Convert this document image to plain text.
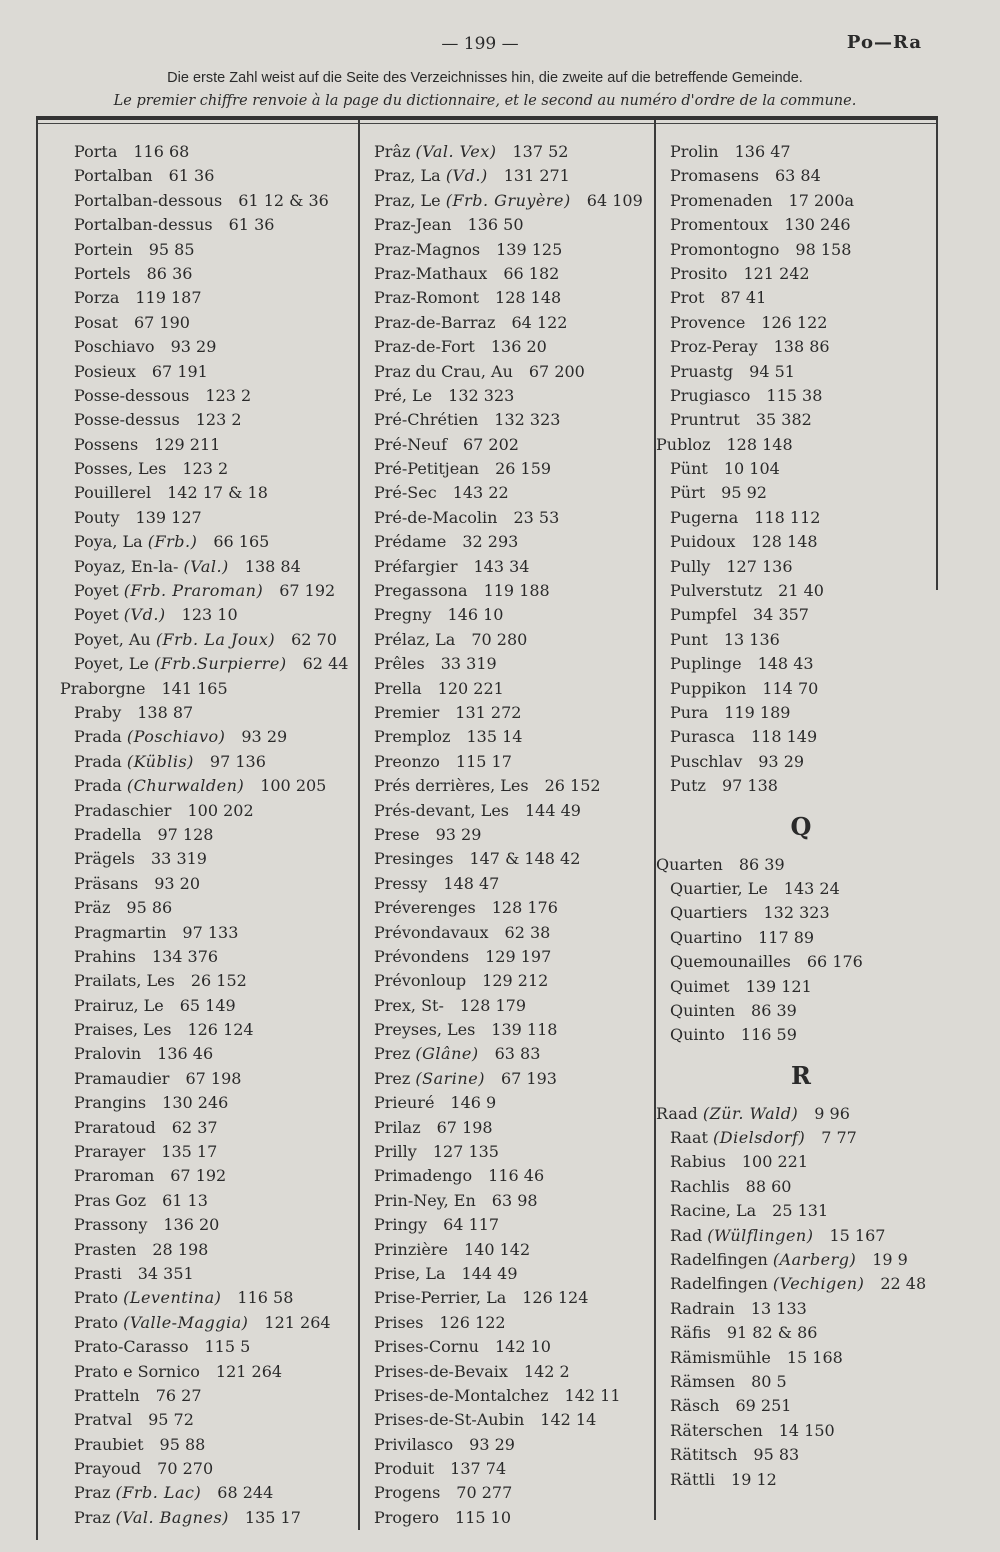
— 199 —	Po—Ra
Die erste Zahl weist auf die Seite des Verzeichnisses hin, die zweite auf die betreffende Gemeinde.
Le premier chiffre renvoie à la page du dictionnaire, et le second au numéro d'ordre de la commune.
Porta  116 68
Portalban  61 36
Portalban-dessous  61 12 & 36
Portalban-dessus  61 36
Portein  95 85
Portels  86 36
Porza  119 187
Posat  67 190
Poschiavo  93 29
Posieux  67 191
Posse-dessous  123 2
Posse-dessus  123 2
Possens  129 211
Posses, Les  123 2
Pouillerel  142 17 & 18
Pouty  139 127
Poya, La (Frb.)  66 165
Poyaz, En-la- (Val.)  138 84
Poyet (Frb. Praroman)  67 192
Poyet (Vd.)  123 10
Poyet, Au (Frb. La Joux)  62 70
Poyet, Le (Frb.Surpierre)  62 44
Praborgne  141 165
Praby  138 87
Prada (Poschiavo)  93 29
Prada (Küblis)  97 136
Prada (Churwalden)  100 205
Pradaschier  100 202
Pradella  97 128
Prägels  33 319
Präsans  93 20
Präz  95 86
Pragmartin  97 133
Prahins  134 376
Prailats, Les  26 152
Prairuz, Le  65 149
Praises, Les  126 124
Pralovin  136 46
Pramaudier  67 198
Prangins  130 246
Praratoud  62 37
Prarayer  135 17
Praroman  67 192
Pras Goz  61 13
Prassony  136 20
Prasten  28 198
Prasti  34 351
Prato (Leventina)  116 58
Prato (Valle-Maggia)  121 264
Prato-Carasso  115 5
Prato e Sornico  121 264
Pratteln  76 27
Pratval  95 72
Praubiet  95 88
Prayoud  70 270
Praz (Frb. Lac)  68 244
Praz (Val. Bagnes)  135 17
Prâz (Val. Vex)  137 52
Praz, La (Vd.)  131 271
Praz, Le (Frb. Gruyère)  64 109
Praz-Jean  136 50
Praz-Magnos  139 125
Praz-Mathaux  66 182
Praz-Romont  128 148
Praz-de-Barraz  64 122
Praz-de-Fort  136 20
Praz du Crau, Au  67 200
Pré, Le  132 323
Pré-Chrétien  132 323
Pré-Neuf  67 202
Pré-Petitjean  26 159
Pré-Sec  143 22
Pré-de-Macolin  23 53
Prédame  32 293
Préfargier  143 34
Pregassona  119 188
Pregny  146 10
Prélaz, La  70 280
Prêles  33 319
Prella  120 221
Premier  131 272
Premploz  135 14
Preonzo  115 17
Prés derrières, Les  26 152
Prés-devant, Les  144 49
Prese  93 29
Presinges  147 & 148 42
Pressy  148 47
Préverenges  128 176
Prévondavaux  62 38
Prévondens  129 197
Prévonloup  129 212
Prex, St-  128 179
Preyses, Les  139 118
Prez (Glâne)  63 83
Prez (Sarine)  67 193
Prieuré  146 9
Prilaz  67 198
Prilly  127 135
Primadengo  116 46
Prin-Ney, En  63 98
Pringy  64 117
Prinzière  140 142
Prise, La  144 49
Prise-Perrier, La  126 124
Prises  126 122
Prises-Cornu  142 10
Prises-de-Bevaix  142 2
Prises-de-Montalchez  142 11
Prises-de-St-Aubin  142 14
Privilasco  93 29
Produit  137 74
Progens  70 277
Progero  115 10
Prolin  136 47
Promasens  63 84
Promenaden  17 200a
Promentoux  130 246
Promontogno  98 158
Prosito  121 242
Prot  87 41
Provence  126 122
Proz-Peray  138 86
Pruastg  94 51
Prugiasco  115 38
Pruntrut  35 382
Publoz  128 148
Pünt  10 104
Pürt  95 92
Pugerna  118 112
Puidoux  128 148
Pully  127 136
Pulverstutz  21 40
Pumpfel  34 357
Punt  13 136
Puplinge  148 43
Puppikon  114 70
Pura  119 189
Purasca  118 149
Puschlav  93 29
Putz  97 138
Q
Quarten  86 39
Quartier, Le  143 24
Quartiers  132 323
Quartino  117 89
Quemounailles  66 176
Quimet  139 121
Quinten  86 39
Quinto  116 59
R
Raad (Zür. Wald)  9 96
Raat (Dielsdorf)  7 77
Rabius  100 221
Rachlis  88 60
Racine, La  25 131
Rad (Wülflingen)  15 167
Radelfingen (Aarberg)  19 9
Radelfingen (Vechigen)  22 48
Radrain  13 133
Räfis  91 82 & 86
Rämismühle  15 168
Rämsen  80 5
Räsch  69 251
Räterschen  14 150
Rätitsch  95 83
Rättli  19 12
